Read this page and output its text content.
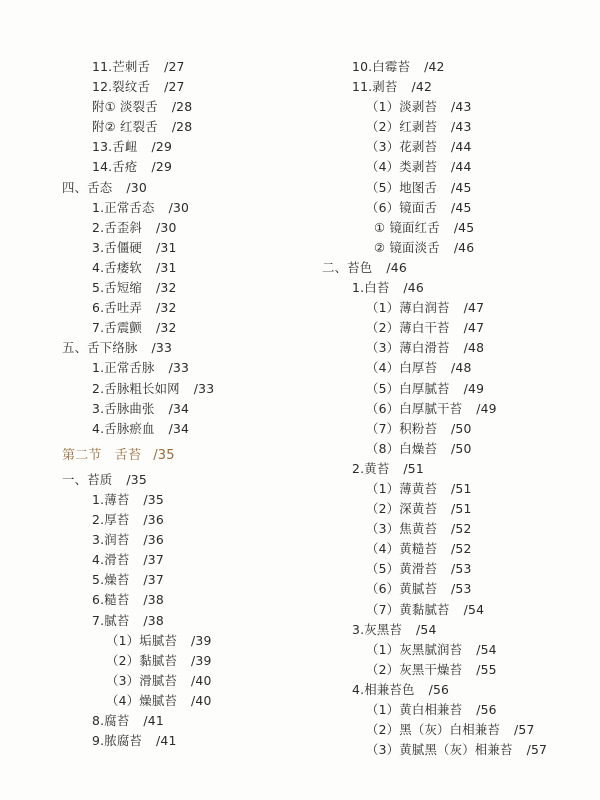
11.芒刺舌 /27
12.裂纹舌 /27
附① 淡裂舌 /28
附② 红裂舌 /28
13.舌衄 /29
14.舌疮 /29
四、舌态 /30
1.正常舌态 /30
2.舌歪斜 /30
3.舌僵硬 /31
4.舌痿软 /31
5.舌短缩 /32
6.舌吐弄 /32
7.舌震颤 /32
五、舌下络脉 /33
1.正常舌脉 /33
2.舌脉粗长如网 /33
3.舌脉曲张 /34
4.舌脉瘀血 /34
第二节　舌苔 /35
一、苔质 /35
1.薄苔 /35
2.厚苔 /36
3.润苔 /36
4.滑苔 /37
5.燥苔 /37
6.糙苔 /38
7.腻苔 /38
（1）垢腻苔 /39
（2）黏腻苔 /39
（3）滑腻苔 /40
（4）燥腻苔 /40
8.腐苔 /41
9.脓腐苔 /41
10.白霉苔 /42
11.剥苔 /42
（1）淡剥苔 /43
（2）红剥苔 /43
（3）花剥苔 /44
（4）类剥苔 /44
（5）地图舌 /45
（6）镜面舌 /45
① 镜面红舌 /45
② 镜面淡舌 /46
二、苔色 /46
1.白苔 /46
（1）薄白润苔 /47
（2）薄白干苔 /47
（3）薄白滑苔 /48
（4）白厚苔 /48
（5）白厚腻苔 /49
（6）白厚腻干苔 /49
（7）积粉苔 /50
（8）白燥苔 /50
2.黄苔 /51
（1）薄黄苔 /51
（2）深黄苔 /51
（3）焦黄苔 /52
（4）黄糙苔 /52
（5）黄滑苔 /53
（6）黄腻苔 /53
（7）黄黏腻苔 /54
3.灰黑苔 /54
（1）灰黑腻润苔 /54
（2）灰黑干燥苔 /55
4.相兼苔色 /56
（1）黄白相兼苔 /56
（2）黑（灰）白相兼苔 /57
（3）黄腻黑（灰）相兼苔 /57
